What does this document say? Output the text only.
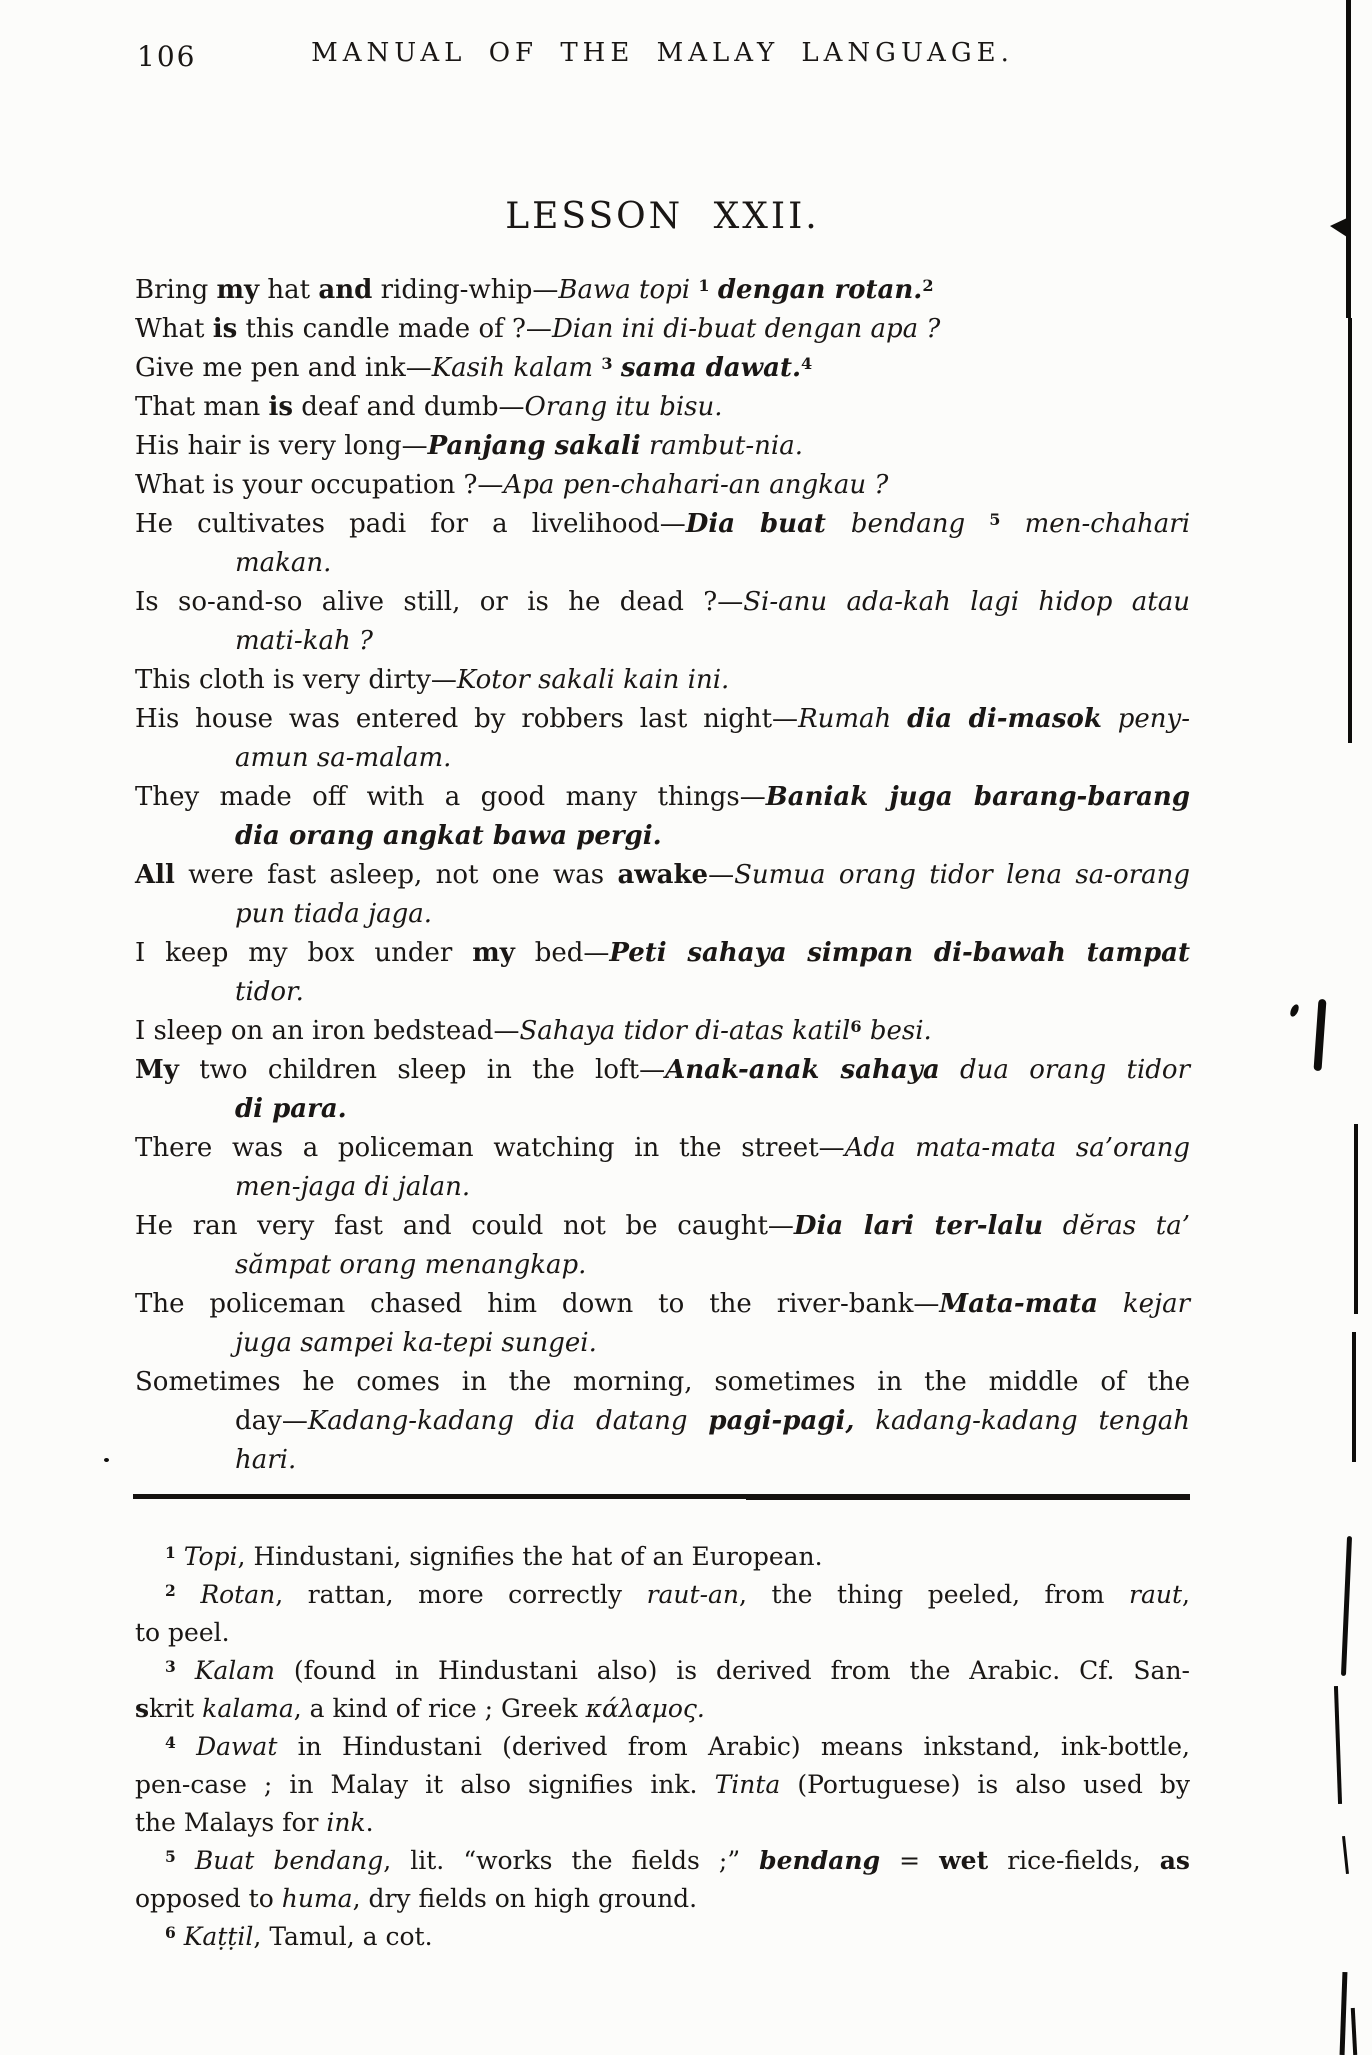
106	MANUAL OF THE MALAY LANGUAGE.
LESSON XXII.
Bring my hat and riding-whip—Bawa topi $^1$ dengan rotan.$^2$
What is this candle made of ?—Dian ini di-buat dengan apa ?
Give me pen and ink—Kasih kalam $^3$ sama dawat.$^4$
That man is deaf and dumb—Orang itu bisu.
His hair is very long—Panjang sakali rambut-nia.
What is your occupation ?—Apa pen-chahari-an angkau ?
He cultivates padi for a livelihood—Dia buat bendang $^5$ men-chahari
makan.
Is so-and-so alive still, or is he dead ?—Si-anu ada-kah lagi hidop atau
mati-kah ?
This cloth is very dirty—Kotor sakali kain ini.
His house was entered by robbers last night—Rumah dia di-masok peny-
amun sa-malam.
They made off with a good many things—Baniak juga barang-barang
dia orang angkat bawa pergi.
All were fast asleep, not one was awake—Sumua orang tidor lena sa-orang
pun tiada jaga.
I keep my box under my bed—Peti sahaya simpan di-bawah tampat
tidor.
I sleep on an iron bedstead—Sahaya tidor di-atas katil$^6$ besi.
My two children sleep in the loft—Anak-anak sahaya dua orang tidor
di para.
There was a policeman watching in the street—Ada mata-mata sa’orang
men-jaga di jalan.
He ran very fast and could not be caught—Dia lari ter-lalu dĕras ta’
sămpat orang menangkap.
The policeman chased him down to the river-bank—Mata-mata kejar
juga sampei ka-tepi sungei.
Sometimes he comes in the morning, sometimes in the middle of the
day—Kadang-kadang dia datang pagi-pagi, kadang-kadang tengah
hari.
$^1$ Topi, Hindustani, signifies the hat of an European.
$^2$ Rotan, rattan, more correctly raut-an, the thing peeled, from raut,
to peel.
$^3$ Kalam (found in Hindustani also) is derived from the Arabic. Cf. San-
skrit kalama, a kind of rice ; Greek κάλαμος.
$^4$ Dawat in Hindustani (derived from Arabic) means inkstand, ink-bottle,
pen-case ; in Malay it also signifies ink. Tinta (Portuguese) is also used by
the Malays for ink.
$^5$ Buat bendang, lit. “works the fields ;” bendang = wet rice-fields, as
opposed to huma, dry fields on high ground.
$^6$ Kaṭṭil, Tamul, a cot.
